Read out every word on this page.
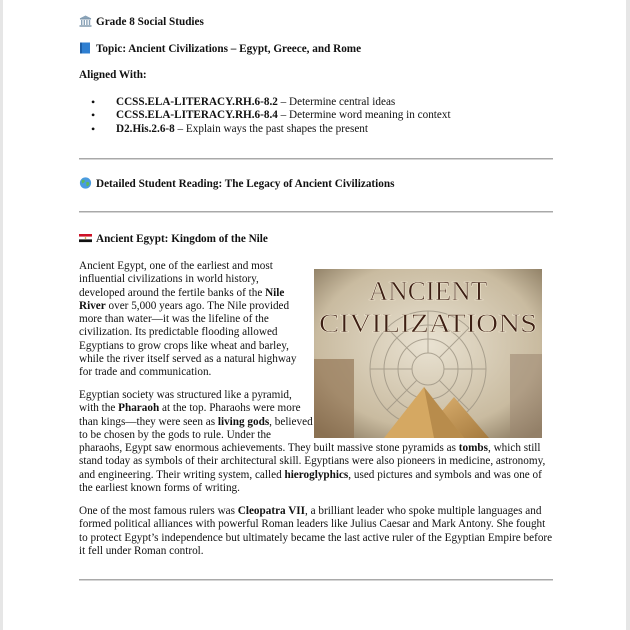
Grade 8 Social Studies
Topic: Ancient Civilizations – Egypt, Greece, and Rome
Aligned With:
• CCSS.ELA-LITERACY.RH.6-8.2 – Determine central ideas
• CCSS.ELA-LITERACY.RH.6-8.4 – Determine word meaning in context
• D2.His.2.6-8 – Explain ways the past shapes the present
Detailed Student Reading: The Legacy of Ancient Civilizations
Ancient Egypt: Kingdom of the Nile
ANCIENT
CIVILIZATIONS

Ancient Egypt, one of the earliest and most influential civilizations in world history, developed around the fertile banks of the Nile River over 5,000 years ago. The Nile provided more than water—it was the lifeline of the civilization. Its predictable flooding allowed Egyptians to grow crops like wheat and barley, while the river itself served as a natural highway for trade and communication.

Egyptian society was structured like a pyramid, with the Pharaoh at the top. Pharaohs were more than kings—they were seen as living gods, believed to be chosen by the gods to rule. Under the pharaohs, Egypt saw enormous achievements. They built massive stone pyramids as tombs, which still stand today as symbols of their architectural skill. Egyptians were also pioneers in medicine, astronomy, and engineering. Their writing system, called hieroglyphics, used pictures and symbols and was one of the earliest known forms of writing.

One of the most famous rulers was Cleopatra VII, a brilliant leader who spoke multiple languages and formed political alliances with powerful Roman leaders like Julius Caesar and Mark Antony. She fought to protect Egypt’s independence but ultimately became the last active ruler of the Egyptian Empire before it fell under Roman control.
